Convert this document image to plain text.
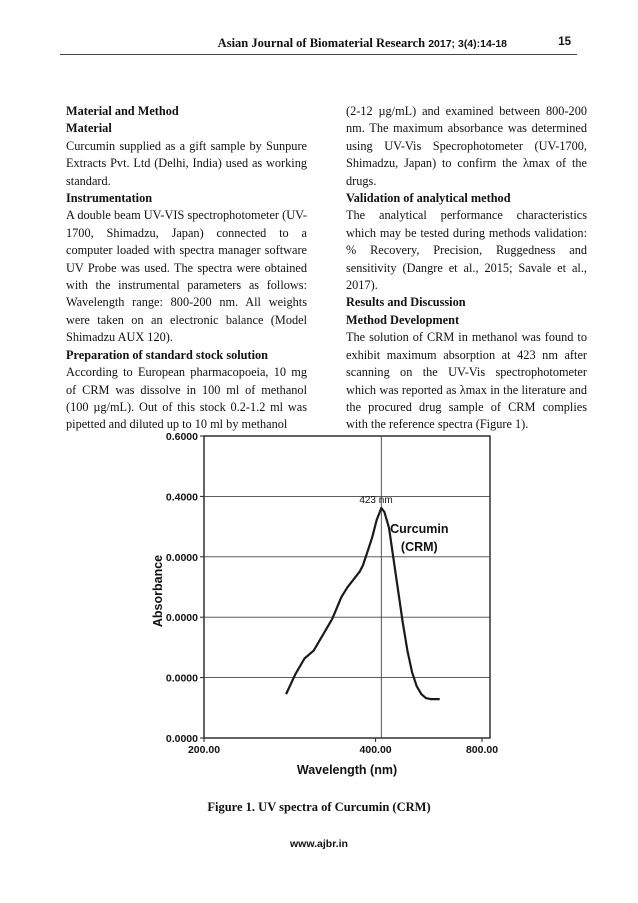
Asian Journal of Biomaterial Research 2017; 3(4):14-18	15
Material and Method
Material

Curcumin supplied as a gift sample by Sunpure Extracts Pvt. Ltd (Delhi, India) used as working standard.

Instrumentation

A double beam UV-VIS spectrophotometer (UV-1700, Shimadzu, Japan) connected to a computer loaded with spectra manager software UV Probe was used. The spectra were obtained with the instrumental parameters as follows: Wavelength range: 800-200 nm. All weights were taken on an electronic balance (Model Shimadzu AUX 120).

Preparation of standard stock solution

According to European pharmacopoeia, 10 mg of CRM was dissolve in 100 ml of methanol (100 µg/mL). Out of this stock 0.2-1.2 ml was pipetted and diluted up to 10 ml by methanol

(2-12 µg/mL) and examined between 800-200 nm. The maximum absorbance was determined using UV-Vis Specrophotometer (UV-1700, Shimadzu, Japan) to confirm the λmax of the drugs.

Validation of analytical method

The analytical performance characteristics which may be tested during methods validation: % Recovery, Precision, Ruggedness and sensitivity (Dangre et al., 2015; Savale et al., 2017).

Results and Discussion
Method Development

The solution of CRM in methanol was found to exhibit maximum absorption at 423 nm after scanning on the UV-Vis spectrophotometer which was reported as λmax in the literature and the procured drug sample of CRM complies with the reference spectra (Figure 1).

0.0000
0.0000
0.0000
0.0000
0.4000
0.6000
200.00	400.00	800.00
Wavelength (nm)
Absorbance
423 nm
Curcumin
(CRM)
Figure 1. UV spectra of Curcumin (CRM)
www.ajbr.in
